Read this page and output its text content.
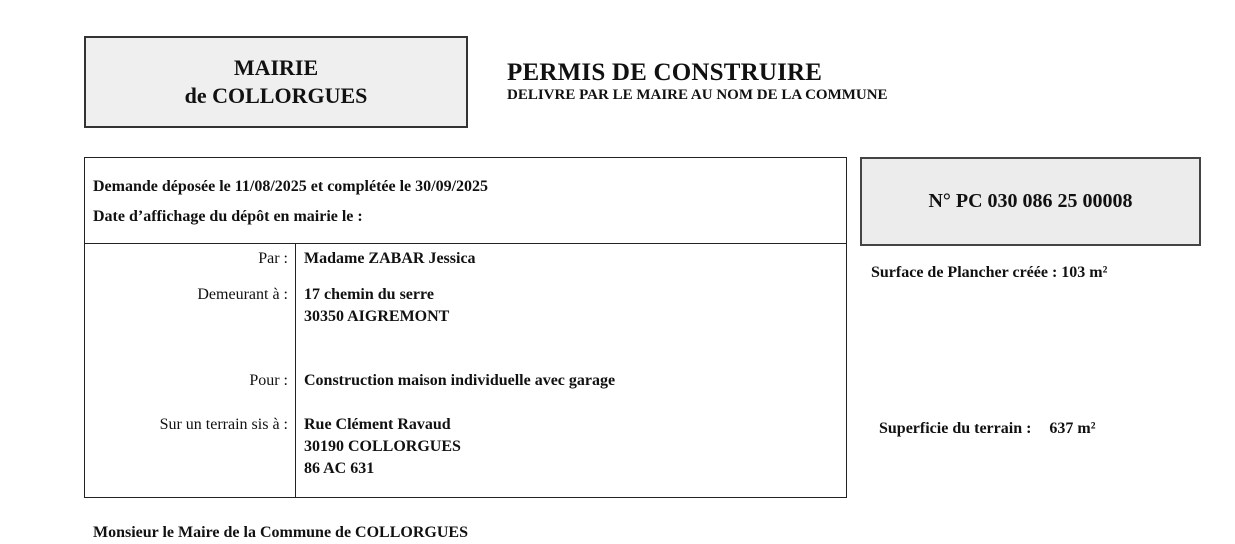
MAIRIE
de COLLORGUES
PERMIS DE CONSTRUIRE
DELIVRE PAR LE MAIRE AU NOM DE LA COMMUNE
Demande déposée le 11/08/2025 et complétée le 30/09/2025
Date d’affichage du dépôt en mairie le :
Par : Madame ZABAR Jessica
Demeurant à : 17 chemin du serre
30350 AIGREMONT
Pour : Construction maison individuelle avec garage
Sur un terrain sis à : Rue Clément Ravaud
30190 COLLORGUES
86 AC 631
N° PC 030 086 25 00008
Surface de Plancher créée : 103 m²
Superficie du terrain : 637 m²
Monsieur le Maire de la Commune de COLLORGUES
